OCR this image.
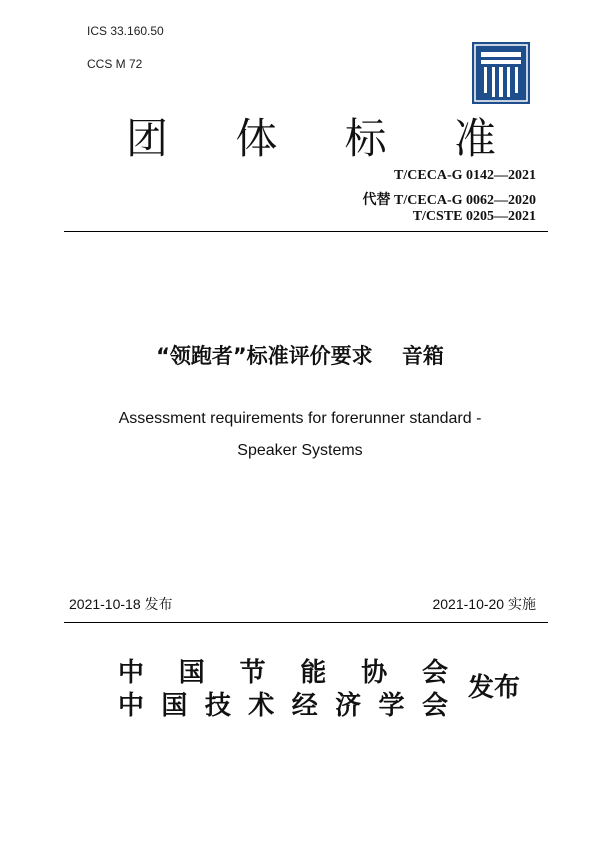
ICS 33.160.50
CCS M 72
团 体 标 准
T/CECA-G 0142—2021
代替 T/CECA-G 0062—2020
T/CSTE 0205—2021
“领跑者”标准评价要求    音箱
Assessment requirements for forerunner standard -
Speaker Systems
2021-10-18 发布	2021-10-20 实施
中 国 节 能 协 会
中 国 技 术 经 济 学 会
发布
